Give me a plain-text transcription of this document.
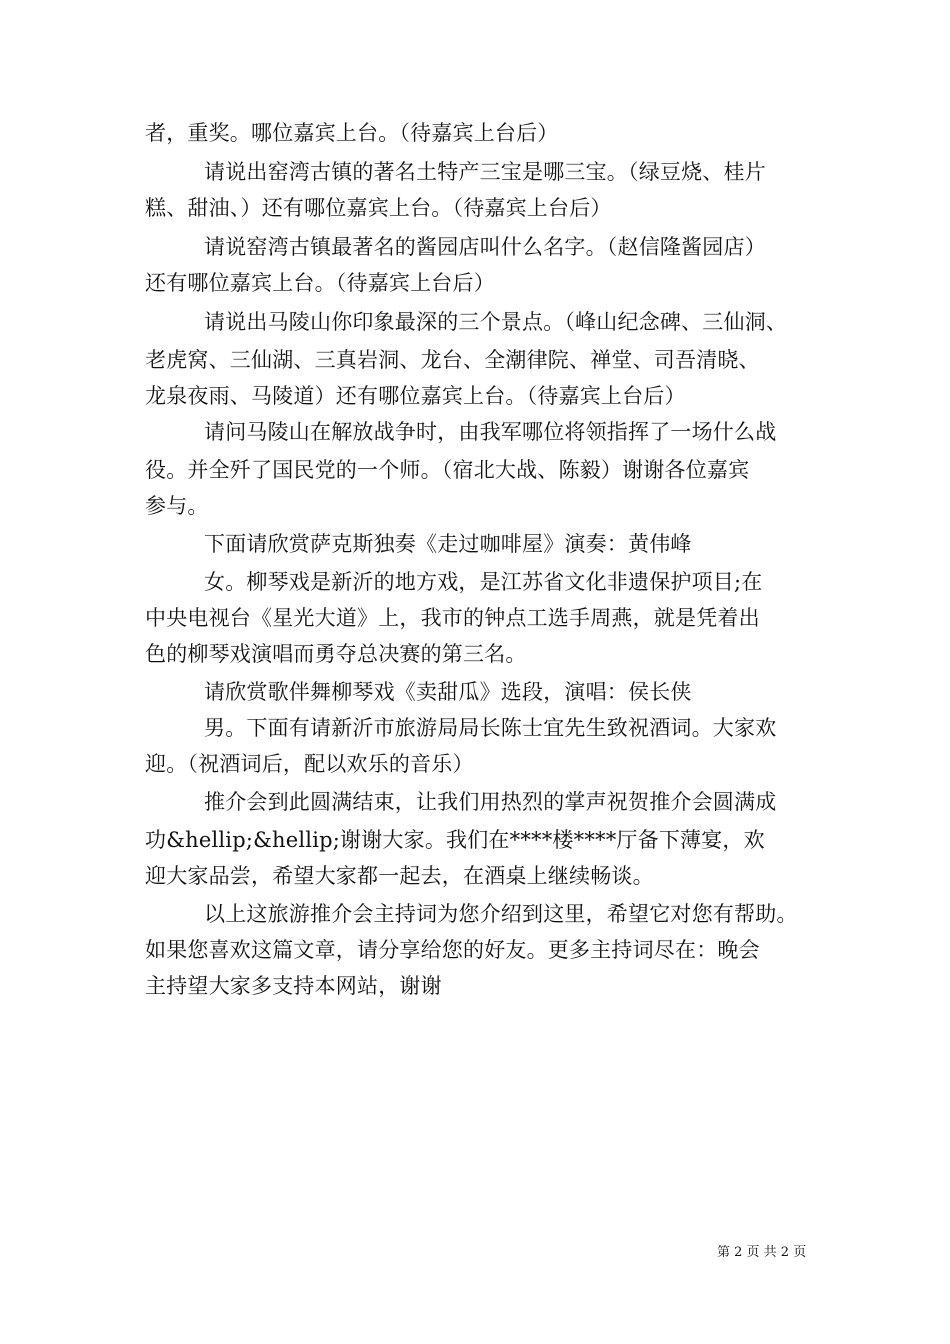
者，重奖。哪位嘉宾上台。（待嘉宾上台后）
请说出窑湾古镇的著名土特产三宝是哪三宝。（绿豆烧、桂片
糕、甜油、）还有哪位嘉宾上台。（待嘉宾上台后）
请说窑湾古镇最著名的酱园店叫什么名字。（赵信隆酱园店）
还有哪位嘉宾上台。（待嘉宾上台后）
请说出马陵山你印象最深的三个景点。（峰山纪念碑、三仙洞、
老虎窝、三仙湖、三真岩洞、龙台、全潮律院、禅堂、司吾清晓、
龙泉夜雨、马陵道）还有哪位嘉宾上台。（待嘉宾上台后）
请问马陵山在解放战争时，由我军哪位将领指挥了一场什么战
役。并全歼了国民党的一个师。（宿北大战、陈毅）谢谢各位嘉宾
参与。
下面请欣赏萨克斯独奏《走过咖啡屋》演奏：黄伟峰
女。柳琴戏是新沂的地方戏，是江苏省文化非遗保护项目;在
中央电视台《星光大道》上，我市的钟点工选手周燕，就是凭着出
色的柳琴戏演唱而勇夺总决赛的第三名。
请欣赏歌伴舞柳琴戏《卖甜瓜》选段，演唱：侯长侠
男。下面有请新沂市旅游局局长陈士宜先生致祝酒词。大家欢
迎。（祝酒词后，配以欢乐的音乐）
推介会到此圆满结束，让我们用热烈的掌声祝贺推介会圆满成
功&hellip;&hellip;谢谢大家。我们在****楼****厅备下薄宴，欢
迎大家品尝，希望大家都一起去，在酒桌上继续畅谈。
以上这旅游推介会主持词为您介绍到这里，希望它对您有帮助。
如果您喜欢这篇文章，请分享给您的好友。更多主持词尽在：晚会
主持望大家多支持本网站，谢谢
第 2 页 共 2 页
